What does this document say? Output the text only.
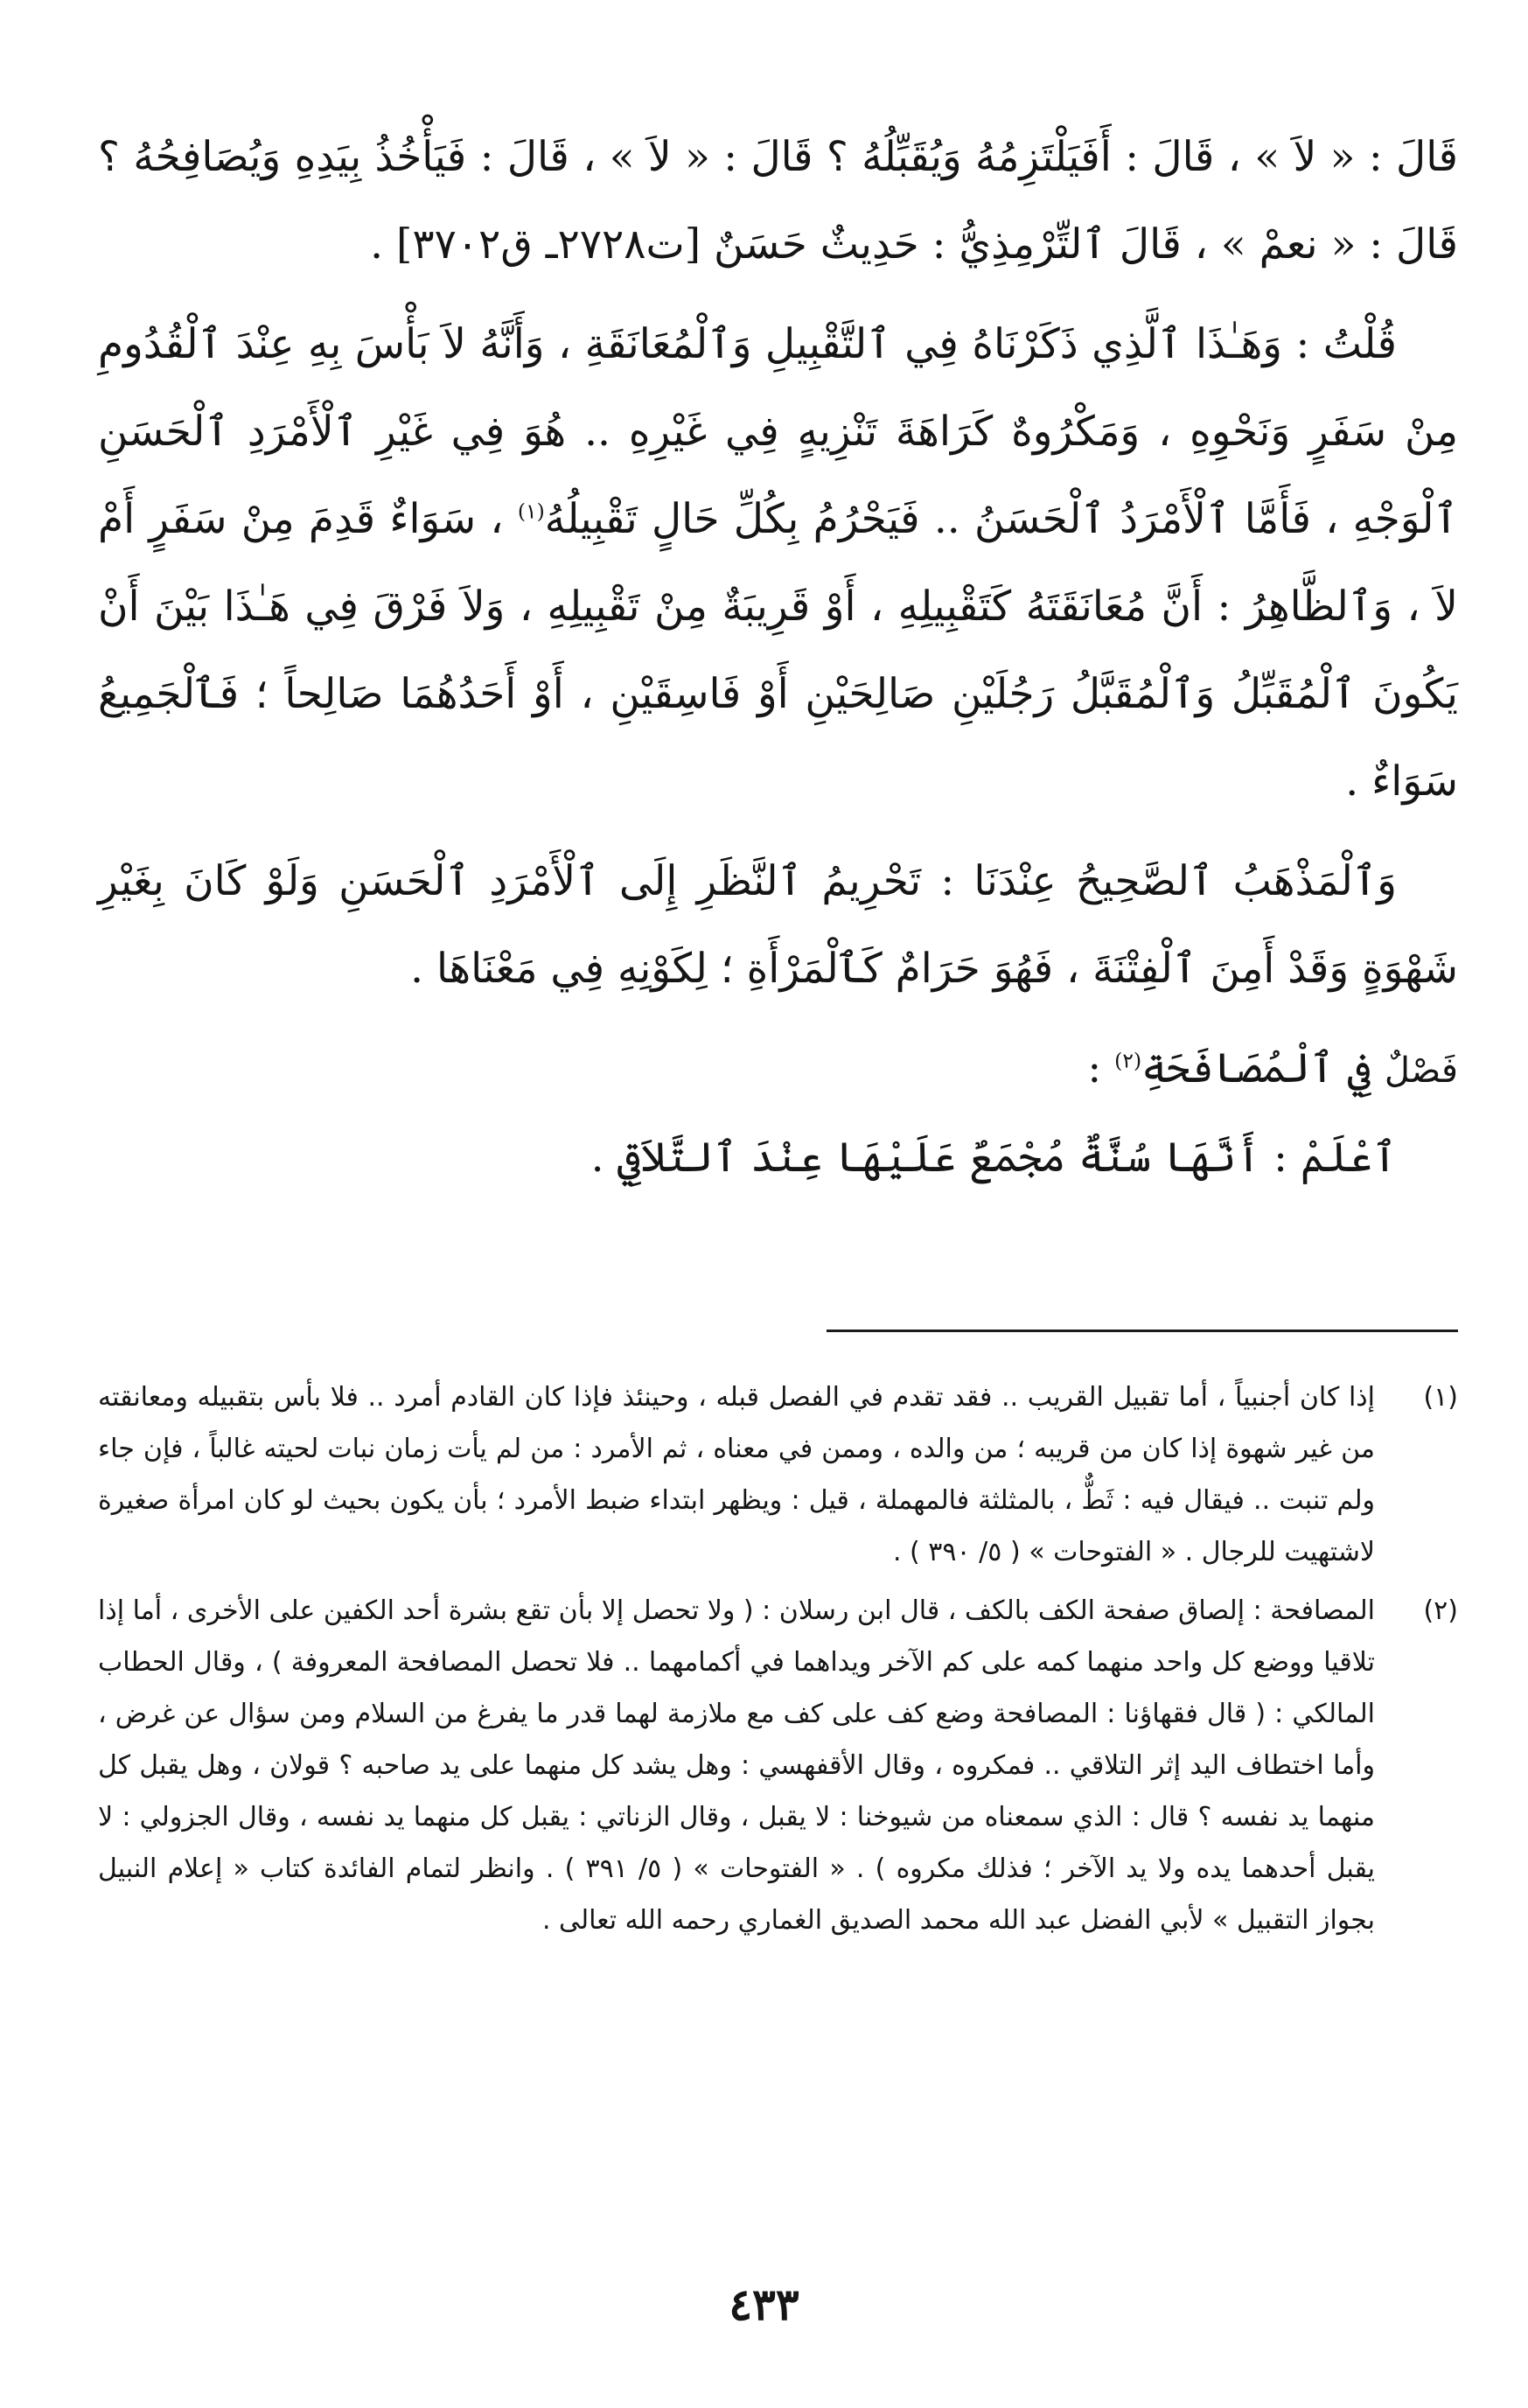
قَالَ : « لاَ » ، قَالَ : أَفَيَلْتَزِمُهُ وَيُقَبِّلُهُ ؟ قَالَ : « لاَ » ، قَالَ : فَيَأْخُذُ بِيَدِهِ وَيُصَافِحُهُ ؟ قَالَ : « نعمْ » ، قَالَ ٱلتِّرْمِذِيُّ : حَدِيثٌ حَسَنٌ [ت٢٧٢٨ـ ق٣٧٠٢] .

قُلْتُ : وَهَـٰذَا ٱلَّذِي ذَكَرْنَاهُ فِي ٱلتَّقْبِيلِ وَٱلْمُعَانَقَةِ ، وَأَنَّهُ لاَ بَأْسَ بِهِ عِنْدَ ٱلْقُدُومِ مِنْ سَفَرٍ وَنَحْوِهِ ، وَمَكْرُوهٌ كَرَاهَةَ تَنْزِيهٍ فِي غَيْرِهِ .. هُوَ فِي غَيْرِ ٱلْأَمْرَدِ ٱلْحَسَنِ ٱلْوَجْهِ ، فَأَمَّا ٱلْأَمْرَدُ ٱلْحَسَنُ .. فَيَحْرُمُ بِكُلِّ حَالٍ تَقْبِيلُهُ$^{(١)}$ ، سَوَاءٌ قَدِمَ مِنْ سَفَرٍ أَمْ لاَ ، وَٱلظَّاهِرُ : أَنَّ مُعَانَقَتَهُ كَتَقْبِيلِهِ ، أَوْ قَرِيبَةٌ مِنْ تَقْبِيلِهِ ، وَلاَ فَرْقَ فِي هَـٰذَا بَيْنَ أَنْ يَكُونَ ٱلْمُقَبِّلُ وَٱلْمُقَبَّلُ رَجُلَيْنِ صَالِحَيْنِ أَوْ فَاسِقَيْنِ ، أَوْ أَحَدُهُمَا صَالِحاً ؛ فَٱلْجَمِيعُ سَوَاءٌ .

وَٱلْمَذْهَبُ ٱلصَّحِيحُ عِنْدَنَا : تَحْرِيمُ ٱلنَّظَرِ إِلَى ٱلْأَمْرَدِ ٱلْحَسَنِ وَلَوْ كَانَ بِغَيْرِ شَهْوَةٍ وَقَدْ أَمِنَ ٱلْفِتْنَةَ ، فَهُوَ حَرَامٌ كَٱلْمَرْأَةِ ؛ لِكَوْنِهِ فِي مَعْنَاهَا .

فَصْلٌ فِي ٱلْمُصَافَحَةِ$^{(٢)}$ :

ٱعْلَمْ : أَنَّهَا سُنَّةٌ مُجْمَعٌ عَلَيْهَا عِنْدَ ٱلتَّلاَقِي .

(١)
إذا كان أجنبياً ، أما تقبيل القريب .. فقد تقدم في الفصل قبله ، وحينئذ فإذا كان القادم أمرد .. فلا بأس بتقبيله ومعانقته من غير شهوة إذا كان من قريبه ؛ من والده ، وممن في معناه ، ثم الأمرد : من لم يأت زمان نبات لحيته غالباً ، فإن جاء ولم تنبت .. فيقال فيه : ثَطٌّ ، بالمثلثة فالمهملة ، قيل : ويظهر ابتداء ضبط الأمرد ؛ بأن يكون بحيث لو كان امرأة صغيرة لاشتهيت للرجال . « الفتوحات » ( ٥/ ٣٩٠ ) .
(٢)
المصافحة : إلصاق صفحة الكف بالكف ، قال ابن رسلان : ( ولا تحصل إلا بأن تقع بشرة أحد الكفين على الأخرى ، أما إذا تلاقيا ووضع كل واحد منهما كمه على كم الآخر ويداهما في أكمامهما .. فلا تحصل المصافحة المعروفة ) ، وقال الحطاب المالكي : ( قال فقهاؤنا : المصافحة وضع كف على كف مع ملازمة لهما قدر ما يفرغ من السلام ومن سؤال عن غرض ، وأما اختطاف اليد إثر التلاقي .. فمكروه ، وقال الأقفهسي : وهل يشد كل منهما على يد صاحبه ؟ قولان ، وهل يقبل كل منهما يد نفسه ؟ قال : الذي سمعناه من شيوخنا : لا يقبل ، وقال الزناتي : يقبل كل منهما يد نفسه ، وقال الجزولي : لا يقبل أحدهما يده ولا يد الآخر ؛ فذلك مكروه ) . « الفتوحات » ( ٥/ ٣٩١ ) . وانظر لتمام الفائدة كتاب « إعلام النبيل بجواز التقبيل » لأبي الفضل عبد الله محمد الصديق الغماري رحمه الله تعالى .
٤٣٣
